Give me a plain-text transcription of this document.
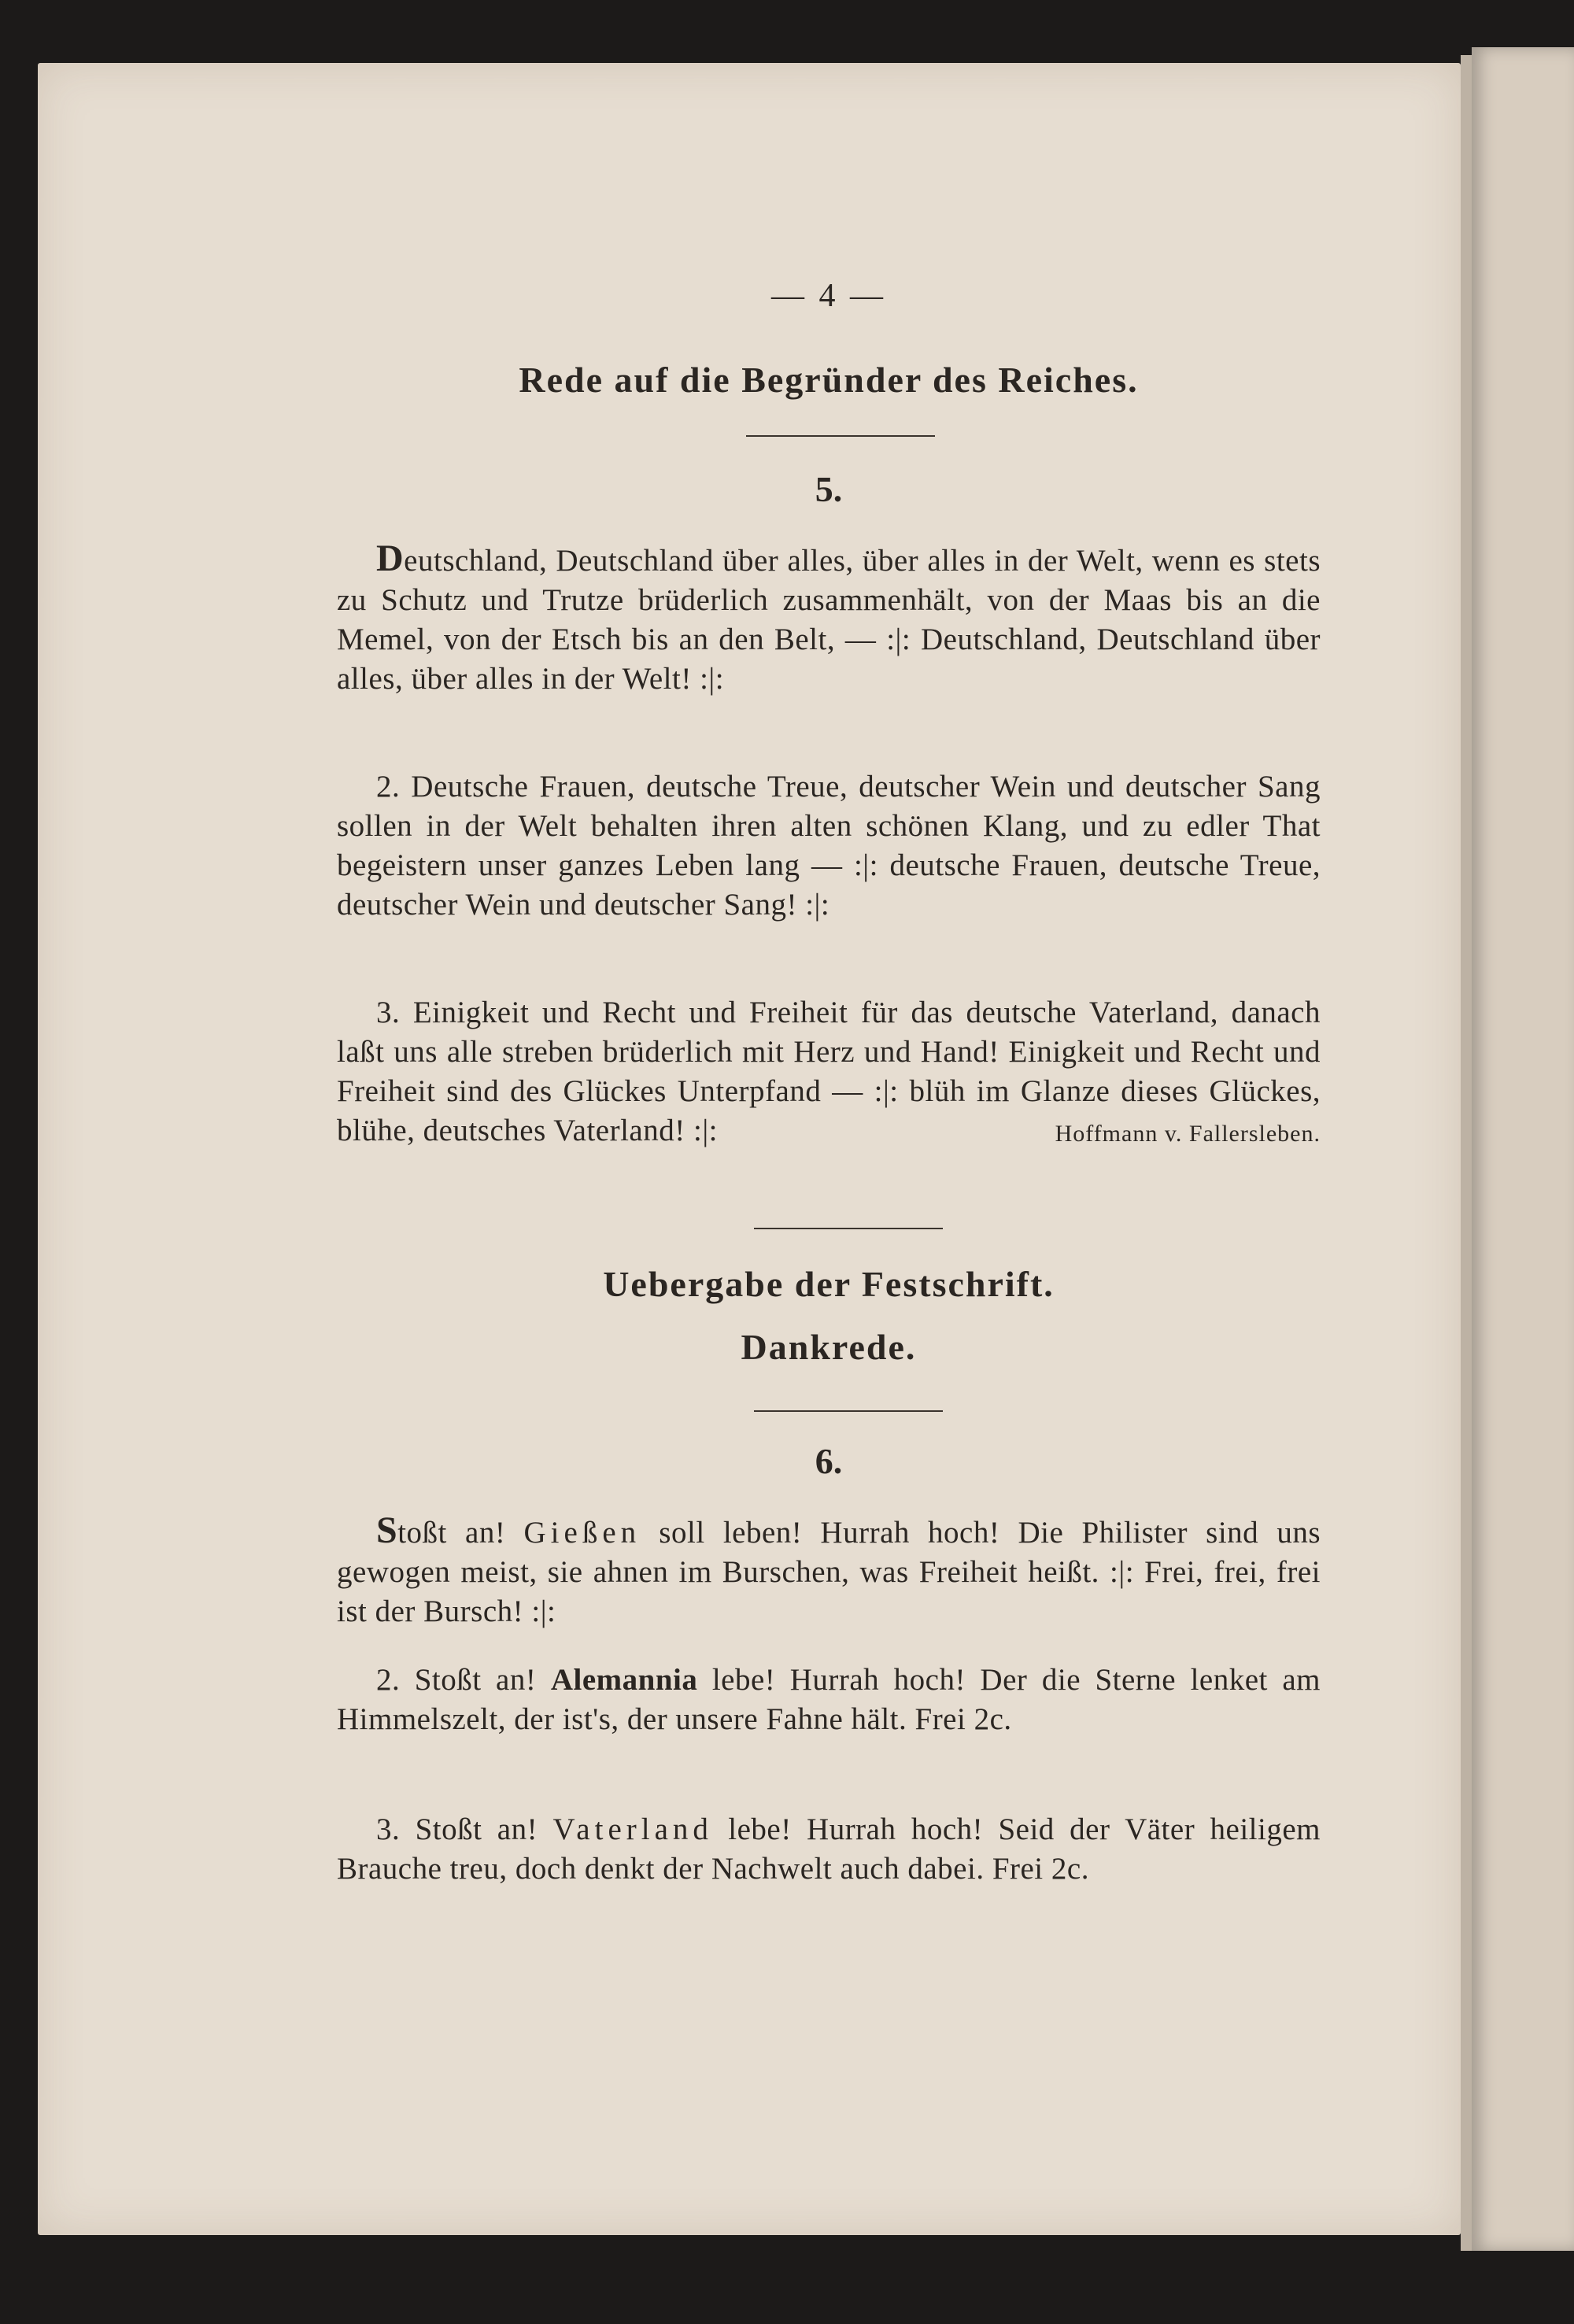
— 4 —
Rede auf die Begründer des Reiches.
5.
Deutschland, Deutschland über alles, über alles in der Welt, wenn es stets zu Schutz und Trutze brüderlich zusammenhält, von der Maas bis an die Memel, von der Etsch bis an den Belt, — :|: Deutschland, Deutschland über alles, über alles in der Welt! :|:
2. Deutsche Frauen, deutsche Treue, deutscher Wein und deutscher Sang sollen in der Welt behalten ihren alten schönen Klang, und zu edler That begeistern unser ganzes Leben lang — :|: deutsche Frauen, deutsche Treue, deutscher Wein und deutscher Sang! :|:
3. Einigkeit und Recht und Freiheit für das deutsche Vaterland, danach laßt uns alle streben brüderlich mit Herz und Hand! Einigkeit und Recht und Freiheit sind des Glückes Unterpfand — :|: blüh im Glanze dieses Glückes, blühe, deutsches Vaterland! :|:	Hoffmann v. Fallersleben.
Uebergabe der Festschrift.
Dankrede.
6.
Stoßt an! Gießen soll leben! Hurrah hoch! Die Philister sind uns gewogen meist, sie ahnen im Burschen, was Freiheit heißt. :|: Frei, frei, frei ist der Bursch! :|:
2. Stoßt an! Alemannia lebe! Hurrah hoch! Der die Sterne lenket am Himmelszelt, der ist's, der unsere Fahne hält. Frei 2c.
3. Stoßt an! Vaterland lebe! Hurrah hoch! Seid der Väter heiligem Brauche treu, doch denkt der Nachwelt auch dabei. Frei 2c.
